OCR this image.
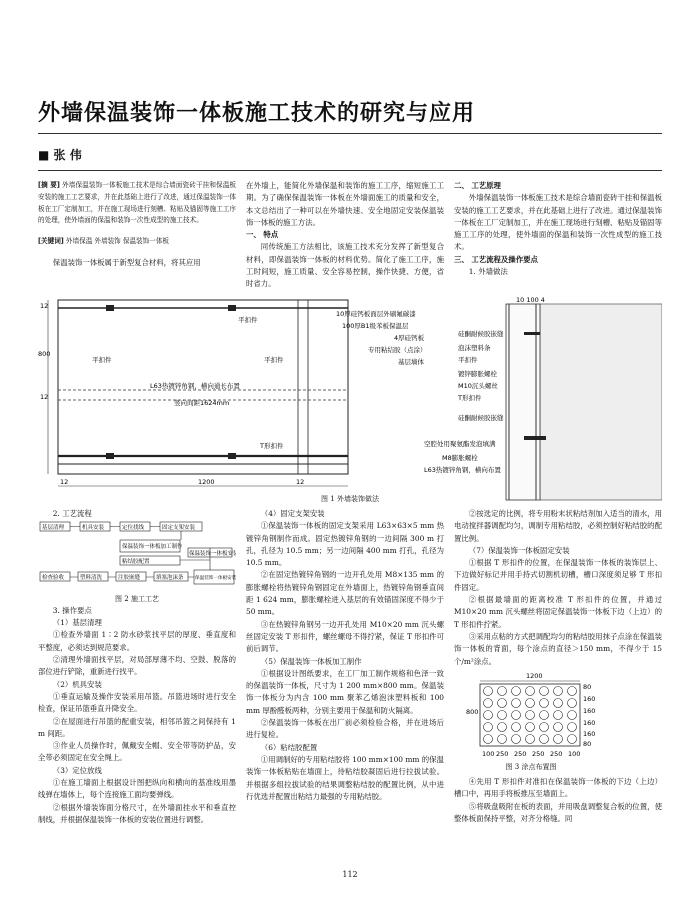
外墙保温装饰一体板施工技术的研究与应用
■ 张 伟

[摘 要] 外墙保温装饰一体板施工技术是综合墙面瓷砖干挂和保温板安装的施工工艺要求，并在此基础上进行了改进，通过保温装饰一体板在工厂定制加工，并在施工现场进行刻槽、粘贴及锚固等施工工序的处理，使外墙面的保温和装饰一次性成型的施工技术。

[关键词] 外墙保温 外墙装饰 保温装饰一体板

保温装饰一体板属于新型复合材料，将其应用

在外墙上，能简化外墙保温和装饰的施工工序，缩短施工工期。为了确保保温装饰一体板在外墙面施工的质量和安全，本文总结出了一种可以在外墙快速、安全地固定安装保温装饰一体板的施工方法。

一、 特点

同传统施工方法相比，该施工技术充分发挥了新型复合材料，即保温装饰一体板的材料优势。简化了施工工序，施工时间短，施工质量、安全容易控制，操作快捷、方便，省时省力。

二、 工艺原理

外墙保温装饰一体板施工技术是综合墙面瓷砖干挂和保温板安装的施工工艺要求，并在此基础上进行了改进。通过保温装饰一体板在工厂定制加工，并在施工现场进行刻槽、粘贴及锚固等施工工序的处理，使外墙面的保温和装饰一次性成型的施工技术。

三、 工艺流程及操作要点

1. 外墙做法

12
800
12
12	1200	12
平扣件
平扣件	平扣件
L63热镀锌角钢，横向通长布置
竖向间距1624mm
T形扣件
10 100 4
10厚硅钙板面层外刷氟碳漆
100厚B1级苯板保温层
4厚硅钙板
专用粘结胶（点涂）
基层墙体
硅酮耐候胶嵌缝
泡沫塑料条
平扣件
镀锌膨胀螺栓
M10沉头螺丝
T形扣件
硅酮耐候胶嵌缝
空腔处用聚氨酯发泡填满
M8膨胀螺栓
L63热镀锌角钢，横向布置
图 1 外墙装饰做法

2. 工艺流程

基层清理	机具安装	定位找线	固定支架安装
保温装饰一体板加工制作
粘结胶配置
保温装饰一体板安装
检查验收	塑料清洗	注胶嵌缝	填塞泡沫条 保温装饰一体板安装

图 2 施工工艺

3. 操作要点

（1）基层清理

①检查外墙面 1∶2 防水砂浆找平层的厚度、垂直度和平整度，必须达到规范要求。

②清理外墙面找平层，对局部厚薄不均、空鼓、脱落的部位进行铲除，重新进行找平。

（2）机具安装

①垂直运输及操作安装采用吊篮。吊篮进场时进行安全检查，保证吊篮垂直升降安全。

②在屋面进行吊篮的配重安装，相邻吊篮之间保持有 1 m 间距。

③作业人员操作时，佩戴安全帽、安全带等防护品，安全带必须固定在安全绳上。

（3）定位放线

①在施工墙面上根据设计图把纵向和横向的基准线用墨线弹在墙体上，每个连接施工面均要弹线。

②根据外墙装饰面分格尺寸，在外墙面挂水平和垂直控制线，并根据保温装饰一体板的安装位置进行调整。

（4）固定支架安装

①保温装饰一体板的固定支架采用 L63×63×5 mm 热镀锌角钢制作而成。固定热镀锌角钢的一边间隔 300 m 打孔，孔径为 10.5 mm；另一边间隔 400 mm 打孔，孔径为 10.5 mm。

②在固定热镀锌角钢的一边开孔处用 M8×135 mm 的膨胀螺栓将热镀锌角钢固定在外墙面上，热镀锌角钢垂直间距 1 624 mm，膨胀螺栓进入基层的有效锚固深度不得少于 50 mm。

③在热镀锌角钢另一边开孔处用 M10×20 mm 沉头螺丝固定安装 T 形扣件，螺丝螺母不得拧紧，保证 T 形扣件可前后调节。

（5）保温装饰一体板加工制作

①根据设计图纸要求，在工厂加工制作规格和色泽一致的保温装饰一体板，尺寸为 1 200 mm×800 mm。保温装饰一体板分为内含 100 mm 聚苯乙烯泡沫塑料板和 100 mm 厚酚醛板两种，分别主要用于保温和防火隔离。

②保温装饰一体板在出厂前必须检验合格，并在进场后进行复检。

（6）粘结胶配置

①用调制好的专用粘结胶将 100 mm×100 mm 的保温装饰一体板粘贴在墙面上，待粘结胶凝固后进行拉拔试验。并根据多组拉拔试验的结果调整粘结胶的配置比例，从中进行优选并配置出粘结力最强的专用粘结胶。

②按选定的比例，将专用粉末状粘结剂加入适当的清水，用电动搅拌器调配均匀，调制专用粘结胶，必须控制好粘结胶的配置比例。

（7）保温装饰一体板固定安装

①根据 T 形扣件的位置，在保温装饰一体板的装饰层上、下边做好标记并用手持式切割机切槽，槽口深度须足够 T 形扣件固定。

②根据最墙面的距离校准 T 形扣件的位置，并通过 M10×20 mm 沉头螺丝将固定保温装饰一体板下边（上边）的 T 形扣件拧紧。

③采用点粘的方式把调配均匀的粘结胶用抹子点涂在保温装饰一体板的背面，每个涂点的直径＞150 mm，不得少于 15 个/m²涂点。

1200
800
100 250 250 250 250 100
80
160
160
160
160
80
图 3 涂点布置图

④先用 T 形扣件对准扣在保温装饰一体板的下边（上边）槽口中，再用手将板推压至墙面上。

⑤将吸盘吸附在板的表面，并用吸盘调整复合板的位置，使整体板面保持平整，对齐分格缝。同

112
